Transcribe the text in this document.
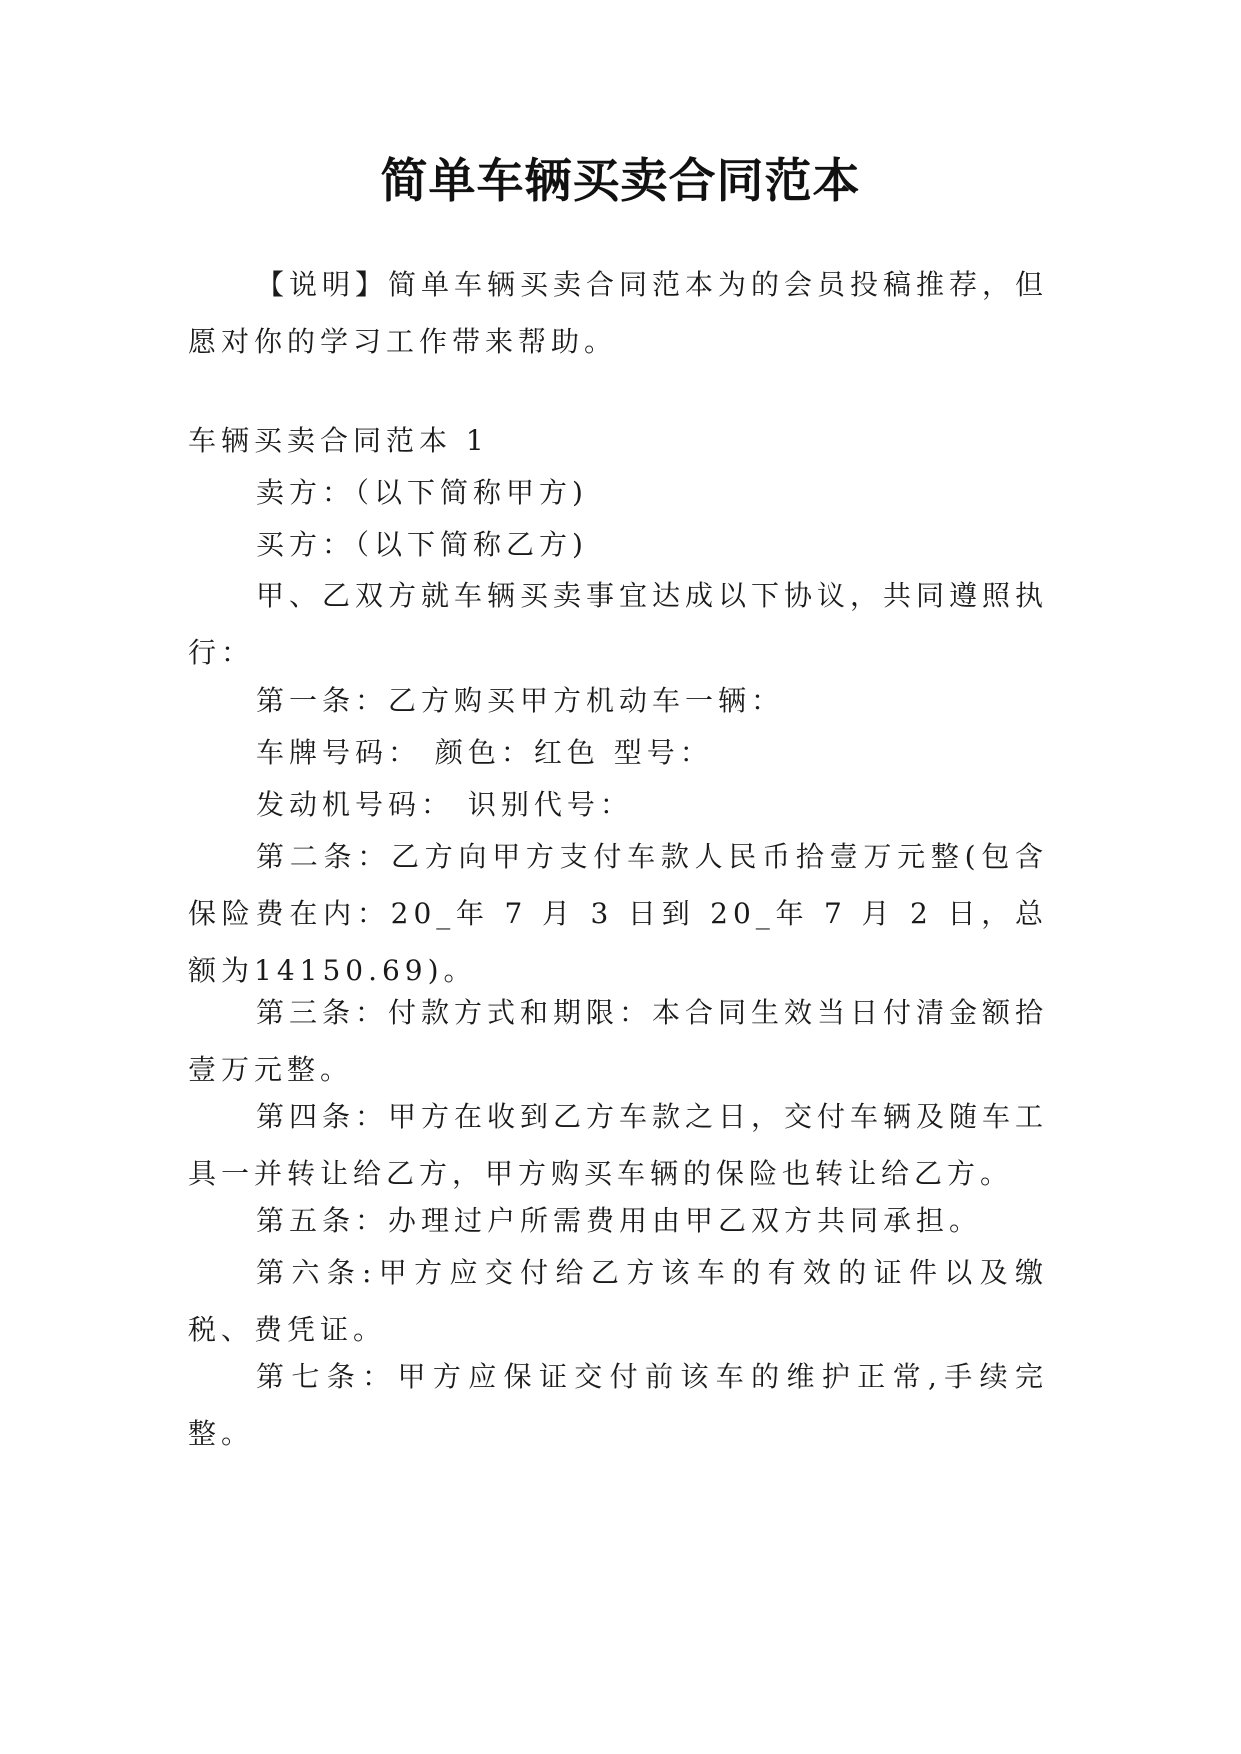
简单车辆买卖合同范本
【说明】简单车辆买卖合同范本为的会员投稿推荐，但愿对你的学习工作带来帮助。
车辆买卖合同范本 1
卖方：（以下简称甲方)
买方：（以下简称乙方)
甲、乙双方就车辆买卖事宜达成以下协议，共同遵照执行：
第一条：乙方购买甲方机动车一辆：
车牌号码： 颜色：红色 型号：
发动机号码： 识别代号：
第二条：乙方向甲方支付车款人民币拾壹万元整(包含保险费在内：20_年 7 月 3 日到 20_年 7 月 2 日，总额为14150.69)。
第三条：付款方式和期限：本合同生效当日付清金额拾壹万元整。
第四条：甲方在收到乙方车款之日，交付车辆及随车工具一并转让给乙方，甲方购买车辆的保险也转让给乙方。
第五条：办理过户所需费用由甲乙双方共同承担。
第六条:甲方应交付给乙方该车的有效的证件以及缴税、费凭证。
第七条：甲方应保证交付前该车的维护正常,手续完整。
